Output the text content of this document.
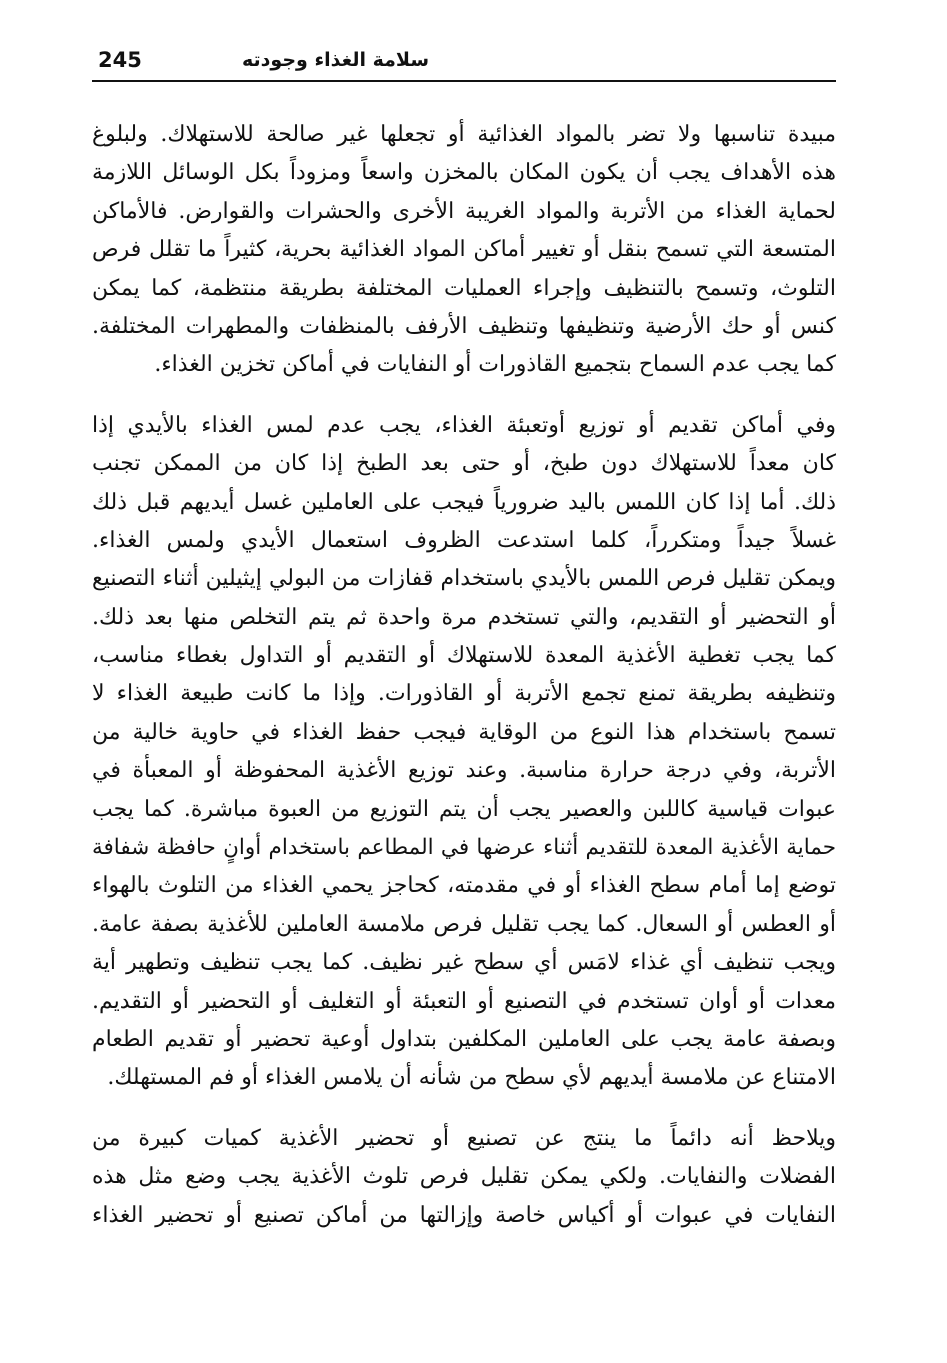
245	سلامة الغذاء وجودته

مبيدة تناسبها ولا تضر بالمواد الغذائية أو تجعلها غير صالحة للاستهلاك. ولبلوغ
هذه الأهداف يجب أن يكون المكان بالمخزن واسعاً ومزوداً بكل الوسائل اللازمة
لحماية الغذاء من الأتربة والمواد الغريبة الأخرى والحشرات والقوارض. فالأماكن
المتسعة التي تسمح بنقل أو تغيير أماكن المواد الغذائية بحرية، كثيراً ما تقلل فرص
التلوث، وتسمح بالتنظيف وإجراء العمليات المختلفة بطريقة منتظمة، كما يمكن
كنس أو حك الأرضية وتنظيفها وتنظيف الأرفف بالمنظفات والمطهرات المختلفة.
كما يجب عدم السماح بتجميع القاذورات أو النفايات في أماكن تخزين الغذاء.

وفي أماكن تقديم أو توزيع أوتعبئة الغذاء، يجب عدم لمس الغذاء بالأيدي إذا
كان معداً للاستهلاك دون طبخ، أو حتى بعد الطبخ إذا كان من الممكن تجنب
ذلك. أما إذا كان اللمس باليد ضرورياً فيجب على العاملين غسل أيديهم قبل ذلك
غسلاً جيداً ومتكرراً، كلما استدعت الظروف استعمال الأيدي ولمس الغذاء.
ويمكن تقليل فرص اللمس بالأيدي باستخدام قفازات من البولي إيثيلين أثناء التصنيع
أو التحضير أو التقديم، والتي تستخدم مرة واحدة ثم يتم التخلص منها بعد ذلك.
كما يجب تغطية الأغذية المعدة للاستهلاك أو التقديم أو التداول بغطاء مناسب،
وتنظيفه بطريقة تمنع تجمع الأتربة أو القاذورات. وإذا ما كانت طبيعة الغذاء لا
تسمح باستخدام هذا النوع من الوقاية فيجب حفظ الغذاء في حاوية خالية من
الأتربة، وفي درجة حرارة مناسبة. وعند توزيع الأغذية المحفوظة أو المعبأة في
عبوات قياسية كاللبن والعصير يجب أن يتم التوزيع من العبوة مباشرة. كما يجب
حماية الأغذية المعدة للتقديم أثناء عرضها في المطاعم باستخدام أوانٍ حافظة شفافة
توضع إما أمام سطح الغذاء أو في مقدمته، كحاجز يحمي الغذاء من التلوث بالهواء
أو العطس أو السعال. كما يجب تقليل فرص ملامسة العاملين للأغذية بصفة عامة.
ويجب تنظيف أي غذاء لامَس أي سطح غير نظيف. كما يجب تنظيف وتطهير أية
معدات أو أوان تستخدم في التصنيع أو التعبئة أو التغليف أو التحضير أو التقديم.
وبصفة عامة يجب على العاملين المكلفين بتداول أوعية تحضير أو تقديم الطعام
الامتناع عن ملامسة أيديهم لأي سطح من شأنه أن يلامس الغذاء أو فم المستهلك.

ويلاحظ أنه دائماً ما ينتج عن تصنيع أو تحضير الأغذية كميات كبيرة من
الفضلات والنفايات. ولكي يمكن تقليل فرص تلوث الأغذية يجب وضع مثل هذه
النفايات في عبوات أو أكياس خاصة وإزالتها من أماكن تصنيع أو تحضير الغذاء
